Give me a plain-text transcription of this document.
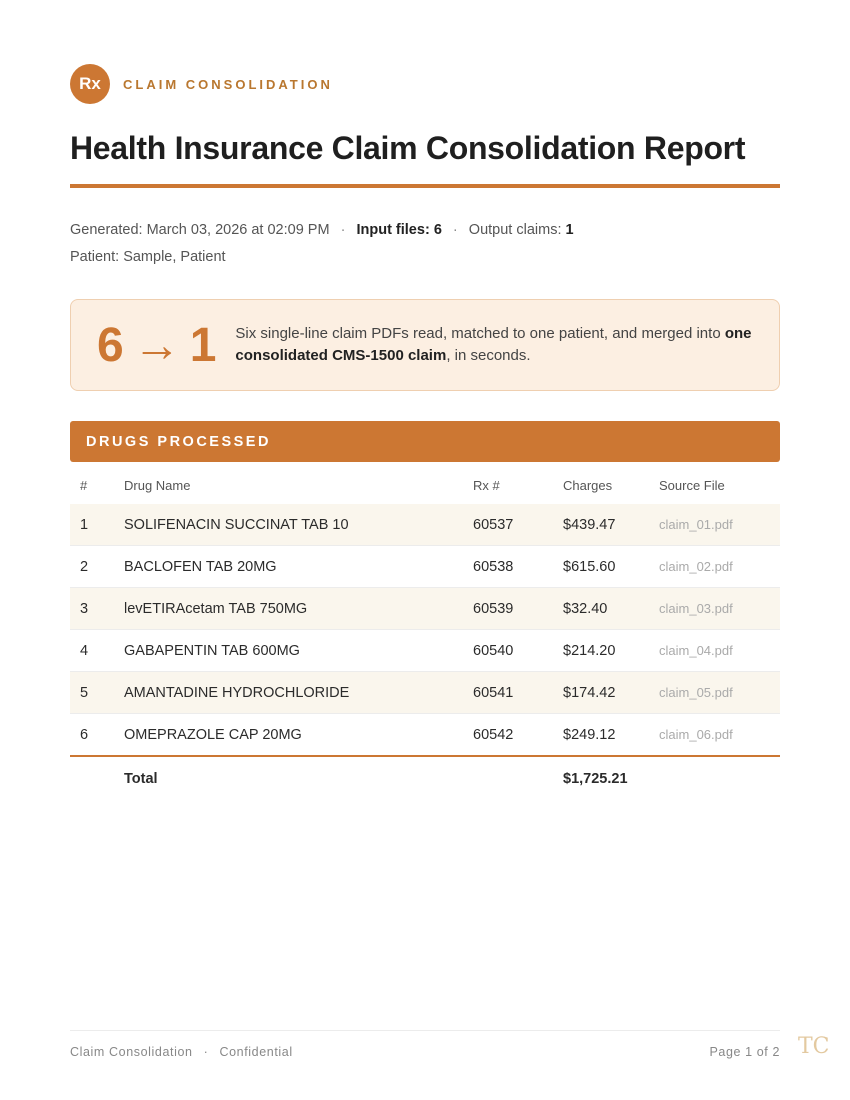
Rx	CLAIM CONSOLIDATION
Health Insurance Claim Consolidation Report
Generated: March 03, 2026 at 02:09 PM · Input files: 6 · Output claims: 1
Patient: Sample, Patient
6 → 1 Six single-line claim PDFs read, matched to one patient, and merged into one consolidated CMS-1500 claim, in seconds.
DRUGS PROCESSED
#	Drug Name	Rx #	Charges	Source File
1	SOLIFENACIN SUCCINAT TAB 10	60537	$439.47	claim_01.pdf
2	BACLOFEN TAB 20MG	60538	$615.60	claim_02.pdf
3	levETIRAcetam TAB 750MG	60539	$32.40	claim_03.pdf
4	GABAPENTIN TAB 600MG	60540	$214.20	claim_04.pdf
5	AMANTADINE HYDROCHLORIDE	60541	$174.42	claim_05.pdf
6	OMEPRAZOLE CAP 20MG	60542	$249.12	claim_06.pdf
	Total		$1,725.21	
Claim Consolidation · Confidential	Page 1 of 2 TC
